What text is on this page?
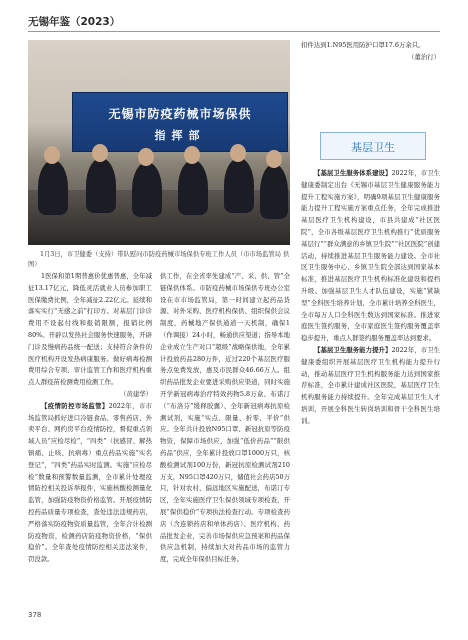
无锡年鉴（2023）
无锡市防疫药械市场保供
指挥部
1月3日，市卫健委（支持）带队慰问市防疫药械市场保供专班工作人员（市市场监管局 供图）

1医保和第1期普惠价优惠普惠，全年减征13.17亿元，降低灵活就业人员参加职工医保缴费比例，全年减征2.22亿元。延续和落实实行“无感之前”打印方。对基层门诊诊费用不设起付线和报销限额，报销比例80%。开辟以发热社会服务快速服务，开辟门诊及慢病药品统一配送；支持符合条件的医疗机构开设发热病康服务。做好病毒检测费用综合专项、审计监管工作和医疗机构重点人群疫苗检测费用检测工作。

（黄建华）

【疫情防控市场监管】2022年，市市场监管局抓好进口冷链食品、零售药店、外卖平台、网约房平台疫情防控，督促重点领域人员“应检尽检”，“四类”（抗感冒、解热镇痛、止咳、抗病毒）重点药品实施“实名登记”，“四类”药品实时监测。实施“应检尽检”数量和预警数量监测，全市累计处理疫情防控相关投诉举报件，实施核酸检测量化监管，加强防疫物资价格监管。开展疫情防控药品质量专项检查，查处违法违规药店，严格落实防疫物资质量监管，全年合计检测防疫物资，检测药店防疫物资价格，“保供稳价”。全年查处疫情防控相关违法案件，罚没款。

供工作，在全省率先建成“产、采、供、管”全链保供体系。市防疫药械市场保供专班办公室设在市市场监管局，第一时间建立起药品货源、对外采购、医疗机构保供、组织保供会议制度，药械地产保供通道一天机制，确保1（作调接）24小时，畅通供应渠道；指导本地企业成立生产对口“超级”战略保供地，全年累计投放药品280万件，近过220个基层医疗服务点免费发放，惠及市民群众46.66万人。组织药品批发企业要进采购供应渠道，同时实施开学新冠病毒治疗特效药物5.8万盒、布诺汀（“布洛芬”缓释胶囊）、全年新冠病毒抗原检测试剂，实施“实点、限量、折零、平价”供应。全年共计投放N95口罩、新冠抗原等防疫物资，保障市场供应，加强“低价药品”“限供药品”供应，全年累计投放口罩1000万只，核酸检测试剂100万份，新冠抗原检测试剂210万支，N95口罩420万只，储值社会药店50万只，针对农村、偏远地区实施配送，布诺汀专区，全年实施医疗卫生保供领域专项检查，开展“保供稳价”专项执法检查行动。专项检查药店（含连锁药店和单体药店）、医疗机构、药品批发企业，完善市场保供应急预案和药品保供应急机制，持续加大对药品市场的监管力度，完成全年保供目标任务。

扣件达到1.N95医用防护口罩17.6万余只。

（董治行）

基层卫生

【基层卫生服务体系建设】2022年，市卫生健康委制定出台《无锡市基层卫生健康服务能力提升工程实施方案》，明确9项基层卫生健康服务能力提升工程实施方案重点任务，全年完成推进基层医疗卫生机构建设，市县共建成“社区医院”，全市各级基层医疗卫生机构推行“优质服务基层行”“群众满意的乡镇卫生院”“社区医院”创建活动，持续推进基层卫生服务能力建设。全市社区卫生服务中心、乡镇卫生院全部达到国家基本标准，推进基层医疗卫生机构标准化建设和提档升级。加强基层卫生人才队伍建设，实施“紧缺型”全科医生培养计划，全市累计培养全科医生，全市每万人口全科医生数达到国家标准。推进家庭医生签约服务，全市家庭医生签约服务覆盖率稳步提升，重点人群签约服务覆盖率达到要求。

【基层卫生服务能力提升】2022年，市卫生健康委组织开展基层医疗卫生机构能力提升行动，推动基层医疗卫生机构服务能力达到国家推荐标准，全市累计建成社区医院，基层医疗卫生机构服务能力持续提升。全年完成基层卫生人才培训，开展全科医生转岗培训和骨干全科医生培训。

378
